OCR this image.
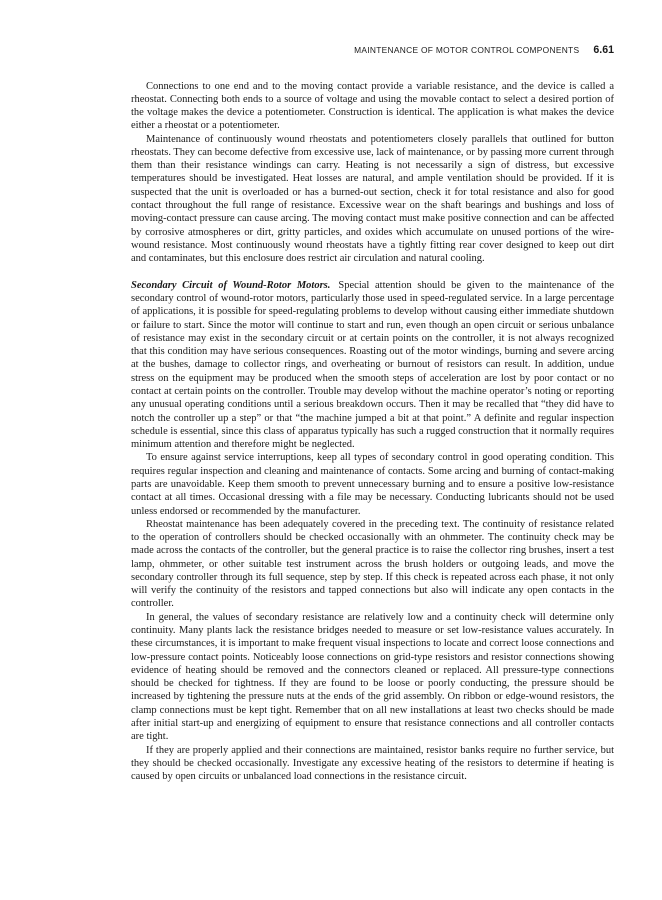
MAINTENANCE OF MOTOR CONTROL COMPONENTS 6.61

Connections to one end and to the moving contact provide a variable resistance, and the device is called a rheostat. Connecting both ends to a source of voltage and using the movable contact to select a desired portion of the voltage makes the device a potentiometer. Construction is identical. The application is what makes the device either a rheostat or a potentiometer.

Maintenance of continuously wound rheostats and potentiometers closely parallels that outlined for button rheostats. They can become defective from excessive use, lack of maintenance, or by passing more current through them than their resistance windings can carry. Heating is not necessarily a sign of distress, but excessive temperatures should be investigated. Heat losses are natural, and ample ventilation should be provided. If it is suspected that the unit is overloaded or has a burned-out section, check it for total resistance and also for good contact throughout the full range of resistance. Excessive wear on the shaft bearings and bushings and loss of moving-contact pressure can cause arcing. The moving contact must make positive connection and can be affected by corrosive atmospheres or dirt, gritty particles, and oxides which accumulate on unused portions of the wire-wound resistance. Most continuously wound rheostats have a tightly fitting rear cover designed to keep out dirt and contaminates, but this enclosure does restrict air circulation and natural cooling.

Secondary Circuit of Wound-Rotor Motors. Special attention should be given to the maintenance of the secondary control of wound-rotor motors, particularly those used in speed-regulated service. In a large percentage of applications, it is possible for speed-regulating problems to develop without causing either immediate shutdown or failure to start. Since the motor will continue to start and run, even though an open circuit or serious unbalance of resistance may exist in the secondary circuit or at certain points on the controller, it is not always recognized that this condition may have serious consequences. Roasting out of the motor windings, burning and severe arcing at the bushes, damage to collector rings, and overheating or burnout of resistors can result. In addition, undue stress on the equipment may be produced when the smooth steps of acceleration are lost by poor contact or no contact at certain points on the controller. Trouble may develop without the machine operator’s noting or reporting any unusual operating conditions until a serious breakdown occurs. Then it may be recalled that “they did have to notch the controller up a step” or that “the machine jumped a bit at that point.” A definite and regular inspection schedule is essential, since this class of apparatus typically has such a rugged construction that it normally requires minimum attention and therefore might be neglected.

To ensure against service interruptions, keep all types of secondary control in good operating condition. This requires regular inspection and cleaning and maintenance of contacts. Some arcing and burning of contact-making parts are unavoidable. Keep them smooth to prevent unnecessary burning and to ensure a positive low-resistance contact at all times. Occasional dressing with a file may be necessary. Conducting lubricants should not be used unless endorsed or recommended by the manufacturer.

Rheostat maintenance has been adequately covered in the preceding text. The continuity of resistance related to the operation of controllers should be checked occasionally with an ohmmeter. The continuity check may be made across the contacts of the controller, but the general practice is to raise the collector ring brushes, insert a test lamp, ohmmeter, or other suitable test instrument across the brush holders or outgoing leads, and move the secondary controller through its full sequence, step by step. If this check is repeated across each phase, it not only will verify the continuity of the resistors and tapped connections but also will indicate any open contacts in the controller.

In general, the values of secondary resistance are relatively low and a continuity check will determine only continuity. Many plants lack the resistance bridges needed to measure or set low-resistance values accurately. In these circumstances, it is important to make frequent visual inspections to locate and correct loose connections and low-pressure contact points. Noticeably loose connections on grid-type resistors and resistor connections showing evidence of heating should be removed and the connectors cleaned or replaced. All pressure-type connections should be checked for tightness. If they are found to be loose or poorly conducting, the pressure should be increased by tightening the pressure nuts at the ends of the grid assembly. On ribbon or edge-wound resistors, the clamp connections must be kept tight. Remember that on all new installations at least two checks should be made after initial start-up and energizing of equipment to ensure that resistance connections and all controller contacts are tight.

If they are properly applied and their connections are maintained, resistor banks require no further service, but they should be checked occasionally. Investigate any excessive heating of the resistors to determine if heating is caused by open circuits or unbalanced load connections in the resistance circuit.
